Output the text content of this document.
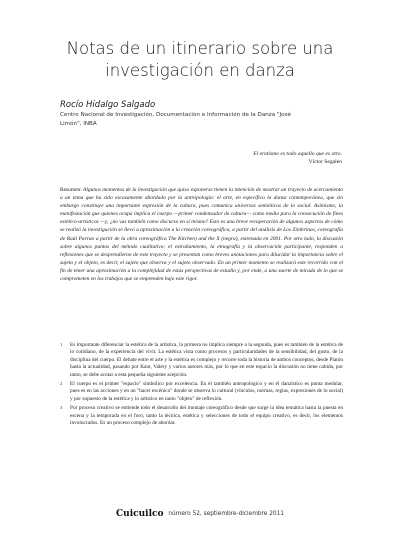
Notas de un itinerario sobre una
investigación en danza
Rocío Hidalgo Salgado
Centro Nacional de Investigación, Documentación e Información de la Danza "José Limón", INBA
El erotismo es todo aquello que es otro.
Víctor Segalen
Resumen: Algunos momentos de la investigación que quiso exponerse tienen la intención de mostrar un trayecto de acercamiento a un tema que ha sido escasamente abordado por la antropología: el arte, en específico la danza contemporánea, que sin embargo constituye una importante expresión de la cultura, pues comunica universos semióticos de lo social. Asimismo, la manifestación que quienes ocupa implica el cuerpo —primer condensador de cultura— como medio para la consecución de fines estético-artísticos —y, ¿no vas también como discurso en sí mismo? Esto es una breve recuperación de algunos aspectos de cómo se realizó la investigación se llevó a aproximación a la creación coreográfica, a partir del análisis de Los Zimbrinos, coreografía de Raúl Parrao a partir de la obra coreográfica The Kitchen) and the X (negra), estrenada en 2001. Por otro lado, la discusión sobre algunos puntos del método cualitativo: el extrañamiento, la etnografía y la observación participante, responden a reflexiones que se desprendieron de este trayecto y se presentan como breves anotaciones para dilucidar la importancia sobre el sujeto y el objeto, es decir, el sujeto que observa y el sujeto observado. En un primer momento se realizará este recorrido con el fin de tener una aproximación a la complejidad de estas perspectivas de estudio y, por ende, a una suerte de mirada de lo que se comprometen en los trabajos que se emprenden bajo este rigor.
1 Es importante diferenciar la estética de la artística, la primera no implica siempre a la segunda, pues es también de la estética de lo cotidiano, de la experiencia del vivir. La estética vista como procesos y particularidades de la sensibilidad, del gusto, de la disciplina del cuerpo. El debate entre el arte y la estética es complejo y recorre toda la historia de ambos conceptos, desde Platón hasta la actualidad, pasando por Kant, Valéry y varios autores más, por lo que en este espacio la discusión no tiene cabida, por tanto, se debe acotar a esta pequeña siguiente acepción.
2 El cuerpo es el primer "espacio" simbólico por excelencia. En él también antropológico y en él danzístico es punta medular, pues es en las acciones y en un "hacer escénico" donde se observa lo cultural (vínculos, normas, reglas, expresiones de lo social) y por supuesto de la estética y lo artístico en tanto "objeto" de reflexión.
3 Por proceso creativo se entiende todo el desarrollo del montaje coreográfico desde que surge la idea temática hasta la puesta en escena y la temporada en el foro, tanto la técnica, estética y selecciones de todo el equipo creativo, es decir, los elementos involucrados. Es un proceso complejo de abordar.
Cuicuilco número 52, septiembre-diciembre 2011
